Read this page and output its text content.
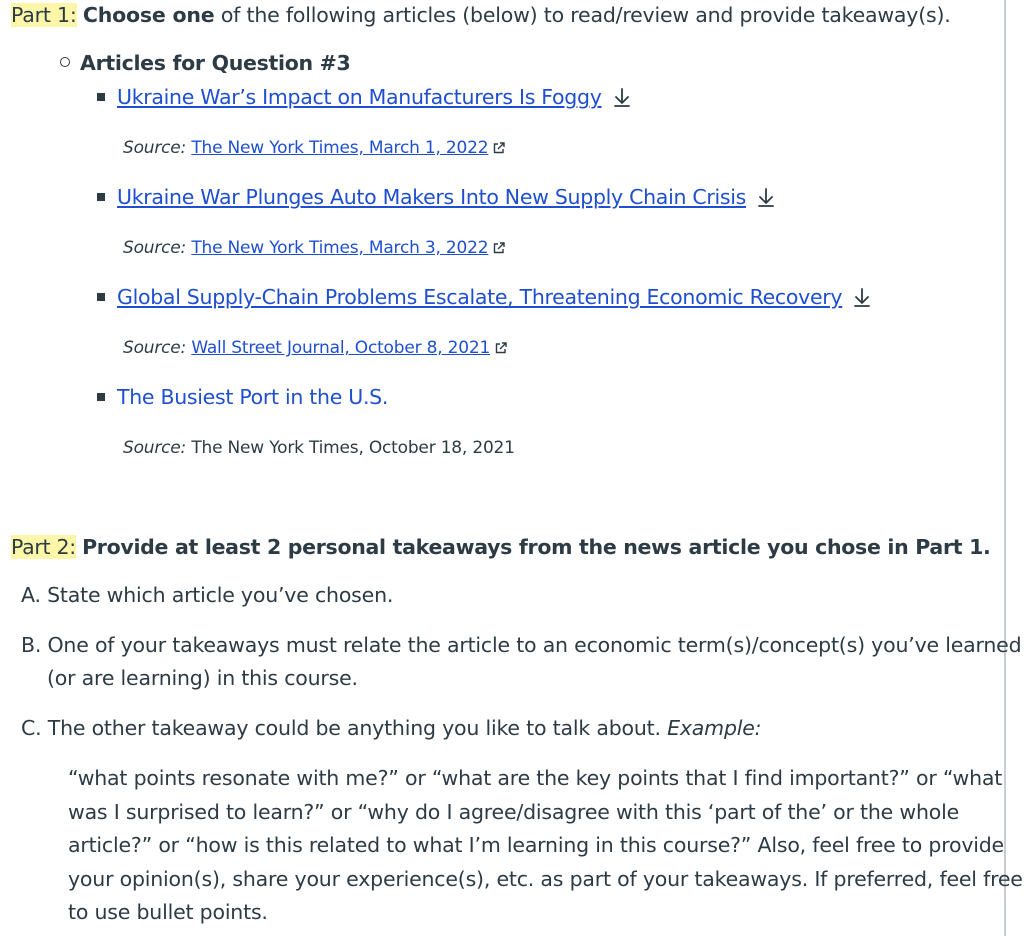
Part 1: Choose one of the following articles (below) to read/review and provide takeaway(s).
Articles for Question #3
Ukraine War’s Impact on Manufacturers Is Foggy
Source: The New York Times, March 1, 2022
Ukraine War Plunges Auto Makers Into New Supply Chain Crisis
Source: The New York Times, March 3, 2022
Global Supply-Chain Problems Escalate, Threatening Economic Recovery
Source: Wall Street Journal, October 8, 2021
The Busiest Port in the U.S.
Source: The New York Times, October 18, 2021
Part 2: Provide at least 2 personal takeaways from the news article you chose in Part 1.
A. State which article you’ve chosen.
B. One of your takeaways must relate the article to an economic term(s)/concept(s) you’ve learned
(or are learning) in this course.
C. The other takeaway could be anything you like to talk about. Example:
“what points resonate with me?” or “what are the key points that I find important?” or “what
was I surprised to learn?” or “why do I agree/disagree with this ‘part of the’ or the whole
article?” or “how is this related to what I’m learning in this course?” Also, feel free to provide
your opinion(s), share your experience(s), etc. as part of your takeaways. If preferred, feel free
to use bullet points.
